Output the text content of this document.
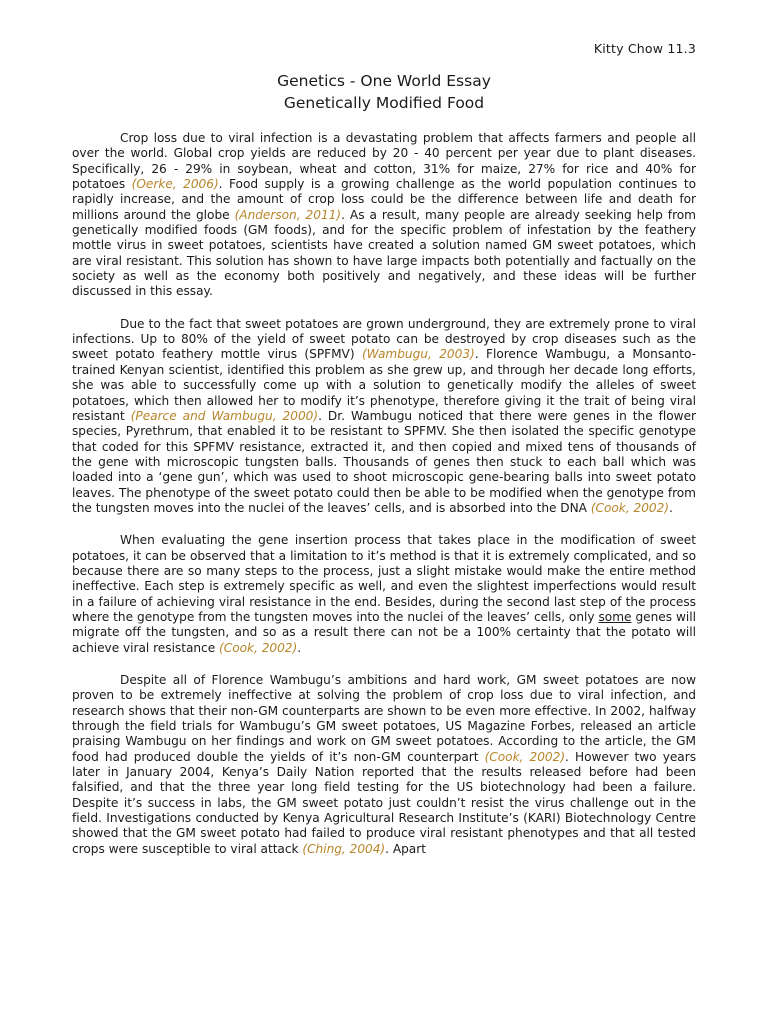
Kitty Chow 11.3
Genetics - One World Essay
Genetically Modified Food

Crop loss due to viral infection is a devastating problem that affects farmers and people all over the world. Global crop yields are reduced by 20 - 40 percent per year due to plant diseases. Specifically, 26 - 29% in soybean, wheat and cotton, 31% for maize, 27% for rice and 40% for potatoes (Oerke, 2006). Food supply is a growing challenge as the world population continues to rapidly increase, and the amount of crop loss could be the difference between life and death for millions around the globe (Anderson, 2011). As a result, many people are already seeking help from genetically modified foods (GM foods), and for the specific problem of infestation by the feathery mottle virus in sweet potatoes, scientists have created a solution named GM sweet potatoes, which are viral resistant. This solution has shown to have large impacts both potentially and factually on the society as well as the economy both positively and negatively, and these ideas will be further discussed in this essay.

Due to the fact that sweet potatoes are grown underground, they are extremely prone to viral infections. Up to 80% of the yield of sweet potato can be destroyed by crop diseases such as the sweet potato feathery mottle virus (SPFMV) (Wambugu, 2003). Florence Wambugu, a Monsanto-trained Kenyan scientist, identified this problem as she grew up, and through her decade long efforts, she was able to successfully come up with a solution to genetically modify the alleles of sweet potatoes, which then allowed her to modify it’s phenotype, therefore giving it the trait of being viral resistant (Pearce and Wambugu, 2000). Dr. Wambugu noticed that there were genes in the flower species, Pyrethrum, that enabled it to be resistant to SPFMV. She then isolated the specific genotype that coded for this SPFMV resistance, extracted it, and then copied and mixed tens of thousands of the gene with microscopic tungsten balls. Thousands of genes then stuck to each ball which was loaded into a ‘gene gun’, which was used to shoot microscopic gene-bearing balls into sweet potato leaves. The phenotype of the sweet potato could then be able to be modified when the genotype from the tungsten moves into the nuclei of the leaves’ cells, and is absorbed into the DNA (Cook, 2002).

When evaluating the gene insertion process that takes place in the modification of sweet potatoes, it can be observed that a limitation to it’s method is that it is extremely complicated, and so because there are so many steps to the process, just a slight mistake would make the entire method ineffective. Each step is extremely specific as well, and even the slightest imperfections would result in a failure of achieving viral resistance in the end. Besides, during the second last step of the process where the genotype from the tungsten moves into the nuclei of the leaves’ cells, only some genes will migrate off the tungsten, and so as a result there can not be a 100% certainty that the potato will achieve viral resistance (Cook, 2002).

Despite all of Florence Wambugu’s ambitions and hard work, GM sweet potatoes are now proven to be extremely ineffective at solving the problem of crop loss due to viral infection, and research shows that their non-GM counterparts are shown to be even more effective. In 2002, halfway through the field trials for Wambugu’s GM sweet potatoes, US Magazine Forbes, released an article praising Wambugu on her findings and work on GM sweet potatoes. According to the article, the GM food had produced double the yields of it’s non-GM counterpart (Cook, 2002). However two years later in January 2004, Kenya’s Daily Nation reported that the results released before had been falsified, and that the three year long field testing for the US biotechnology had been a failure. Despite it’s success in labs, the GM sweet potato just couldn’t resist the virus challenge out in the field. Investigations conducted by Kenya Agricultural Research Institute’s (KARI) Biotechnology Centre showed that the GM sweet potato had failed to produce viral resistant phenotypes and that all tested crops were susceptible to viral attack (Ching, 2004). Apart
